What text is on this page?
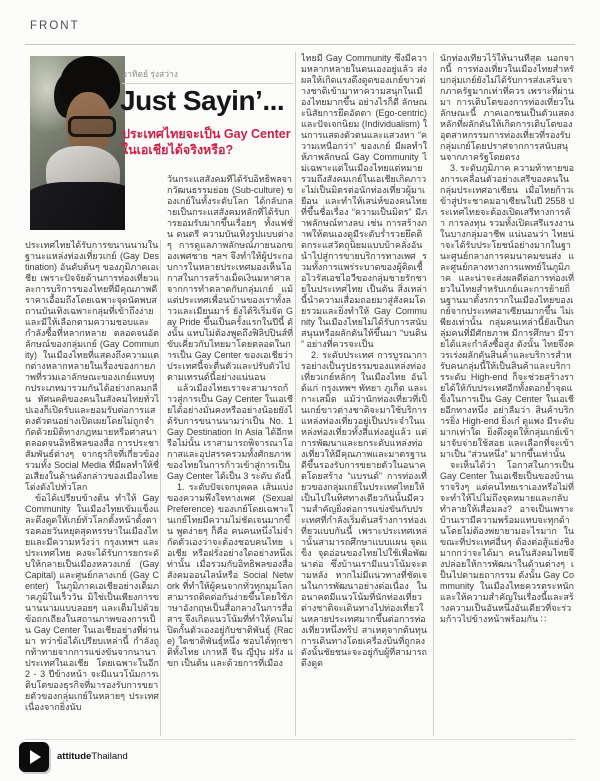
FRONT
อาทิตย์ รุ่งสว่าง
Just Sayin’...
ประเทศไทยจะเป็น Gay Center
ในเอเชียได้จริงหรือ?

ประเทศไทยได้รับการขนานนามในฐานะแหล่งท่องเที่ยวเกย์ (Gay Destination) อันดับต้นๆ ของภูมิภาคเอเชีย เพราะปัจจัยด้านการท่องเที่ยวและการบริการของไทยที่มีคุณภาพดี ราคาเอื้อมถึงโดยเฉพาะจุดนัดพบสถานบันเทิงเฉพาะกลุ่มที่เข้าถึงง่าย และมีให้เลือกตามความชอบและกำลังซื้อที่หลากหลาย ตลอดจนอัตลักษณ์ของกลุ่มเกย์ (Gay Community) ในเมืองไทยที่แสดงถึงความแตกต่างหลากหลายในเรื่องของกายภาพที่รวมเอาลักษณะของเกย์แทบทุกประเภทมารวมกันได้อย่างกลมกลืน ทัศนคติของคนในสังคมไทยทั่วไปเองก็เปิดรับและยอมรับต่อการแสดงตัวตนอย่างเปิดเผยโดยไม่ถูกจำกัดด้วยมิติทางกฎหมายหรือศาสนา ตลอดจนอิทธิพลของสื่อ การประชาสัมพันธ์ต่างๆ จากธุรกิจที่เกี่ยวข้องรวมทั้ง Social Media ที่มีผลทำให้ชื่อเสียงในด้านดังกล่าวของเมืองไทยโด่งดังไปทั่วโลก

ข้อได้เปรียบข้างต้น ทำให้ Gay Community ในเมืองไทยเข้มแข็งและดึงดูดให้เกย์ทั่วโลกตั้งหน้าตั้งตารอคอยวันหยุดสุดหรรษาในเมืองไทยและมีความหวังว่า กรุงเทพฯ และประเทศไทย คงจะได้รับการยกระดับให้กลายเป็นเมืองหลวงเกย์ (Gay Capital) และศูนย์กลางเกย์ (Gay Center) ในภูมิภาคเอเชียอย่างเต็มภาคภูมิในเร็ววัน มิใช่เป็นเพียงการขนานนามแบบลอยๆ และเต็มไปด้วยข้อถกเถียงในสถานภาพของการเป็น Gay Center ในเอเชียอย่างที่ผ่านมา ทว่าข้อได้เปรียบเหล่านี้ กำลังถูกท้าทายจากการแข่งขันจากนานาประเทศในเอเชีย โดยเฉพาะในอีก 2 - 3 ปีข้างหน้า จะมีแนวโน้มการเติบโตของธุรกิจที่มารองรับการขยายตัวของกลุ่มเกย์ในหลายๆ ประเทศ เนื่องจากยิ่งนับ

วันกระแสสังคมที่ได้รับอิทธิพลจากวัฒนธรรมย่อย (Sub-culture) ของเกย์ในทั้งระดับโลก ได้กลับกลายเป็นกระแสสังคมหลักที่ได้รับการยอมรับมากขึ้นเรื่อยๆ ทั้งแฟชั่น ดนตรี ความบันเทิงรูปแบบต่างๆ การดูแลภาพลักษณ์ภายนอกของเพศชาย ฯลฯ จึงทำให้ผู้ประกอบการในหลายประเทศมองเห็นโอกาสในการสร้างเม็ดเงินมหาศาลจากการทำตลาดกับกลุ่มเกย์ แม้แต่ประเทศเพื่อนบ้านของเราทั้งลาวและเมียนมาร์ ยังได้ริเริ่มจัด Gay Pride ขึ้นเป็นครั้งแรกในปีนี้ ดังนั้น แทบไม่ต้องพูดถึงฟิลิปปินส์ที่ขับเคี่ยวกับไทยมาโดยตลอดในการเป็น Gay Center ของเอเชียว่า ประเทศนี้จะตื่นตัวและปรับตัวไปตามเทรนด์นี้อย่างแน่นอน

แล้วเมืองไทยเราจะสามารถก้าวสู่การเป็น Gay Center ในเอเชียได้อย่างมั่นคงหรืออย่างน้อยยังได้รับการขนานนามว่าเป็น No. 1 Gay Destination In Asia ได้อีกหรือไม่นั้น เราสามารถพิจารณาโอกาสและอุปสรรครวมทั้งศักยภาพของไทยในการก้าวเข้าสู่การเป็น Gay Center ได้เป็น 3 ระดับ ดังนี้

1. ระดับปัจเจกบุคคล เส้นแบ่งของความพึงใจทางเพศ (Sexual Preference) ของเกย์โดยเฉพาะในเกย์ไทยมีความไม่ชัดเจนมากขึ้น พูดง่ายๆ ก็คือ คนคนหนึ่งไม่จำกัดตัวเองว่าจะต้องชอบคนไทย เอเชีย หรือฝรั่งอย่างใดอย่างหนึ่งเท่านั้น เมื่อรวมกับอิทธิพลของสื่อสังคมออนไลน์หรือ Social Network ที่ทำให้ผู้คนจากทั่วทุกมุมโลกสามารถติดต่อกันง่ายขึ้นโดยใช้ภาษาอังกฤษเป็นสื่อกลางในการสื่อสาร จึงเกิดแนวโน้มที่ทำให้คนไม่ปิดกั้นตัวเองอยู่กับชาติพันธุ์ (Race) ใดชาติพันธุ์หนึ่ง ชอบได้ทุกชาติทั้งไทย เกาหลี จีน ญี่ปุ่น ฝรั่ง แขก เป็นต้น และด้วยการที่เมือง

ไทยมี Gay Community ซึ่งมีความหลากหลายในตนเองอยู่แล้ว ส่งผลให้เกิดแรงดึงดูดของเกย์ขาวต่างชาติเข้ามาหาความสนุกในเมืองไทยมากขึ้น อย่างไรก็ดี ลักษณะนิสัยการยึดอัตตา (Ego-centric) และปัจเจกนิยม (Individualism) ในการแสดงตัวตนและแสวงหา “ความเหนือกว่า” ของเกย์ มีผลทำให้ภาพลักษณ์ Gay Community ไม่เฉพาะแต่ในเมืองไทยแต่หมายรวมถึงสังคมเกย์ในเอเชียเกิดภาวะไม่เป็นมิตรต่อนักท่องเที่ยวผู้มาเยือน และทำให้เสน่ห์ของคนไทยที่ขึ้นชื่อเรื่อง “ความเป็นมิตร” มีภาพลักษณ์ทางลบ เช่น การสร้างภาพให้ตนเองดูมีระดับร่ำรวยยึดติดกระแสวัตถุนิยมแบบบ้าคลั่งอันนำไปสู่การขายบริการทางเพศ รวมทั้งการแพร่ระบาดของผู้ติดเชื้อไวรัสเอชไอวีของกลุ่มชายรักชายในประเทศไทย เป็นต้น สิ่งเหล่านี้นำความเสื่อมถอยมาสู่สังคมโดยรวมและยิ่งทำให้ Gay Community ในเมืองไทยไม่ได้รับการสนับสนุนหรือผลักดันให้ขึ้นมา “บนดิน” อย่างที่ควรจะเป็น

2. ระดับประเทศ การบูรณาการอย่างเป็นรูปธรรมของแหล่งท่องเที่ยวเกย์หลักๆ ในเมืองไทย อันได้แก่ กรุงเทพฯ พัทยา ภูเก็ต และเกาะเสม็ด แม้ว่านักท่องเที่ยวที่เป็นเกย์ขาวต่างชาติจะมาใช้บริการแหล่งท่องเที่ยวอยู่เป็นประจำในแหล่งท่องเที่ยวทั้งสี่แห่งอยู่แล้ว แต่การพัฒนาและยกระดับแหล่งท่องเที่ยวให้มีคุณภาพและมาตรฐานดีขึ้นรองรับการขยายตัวในอนาคตโดยสร้าง “แบรนด์” การท่องเที่ยวของกลุ่มเกย์ในประเทศไทยให้เป็นไปในทิศทางเดียวกันนั้นมีความสำคัญยิ่งต่อการแข่งขันกับประเทศที่กำลังเริ่มต้นสร้างการท่องเที่ยวแบบกันนี้ เพราะประเทศเหล่านั้นสามารถศึกษาแบบแผน จุดแข็ง จุดอ่อนของไทยไปใช้เพื่อพัฒนาต่อ ซึ่งบ้านเรามีแนวโน้มจะตามหลัง หากไม่มีแนวทางที่ชัดเจนในการพัฒนาอย่างต่อเนื่อง ในอนาคตมีแนวโน้มที่นักท่องเที่ยวต่างชาติจะเดินทางไปท่องเที่ยวในหลายประเทศมากขึ้นต่อการท่องเที่ยวหนึ่งทริป สาเหตุจากต้นทุนการเดินทางโดยเครื่องบินที่ถูกลง ดังนั้นชัยชนะจะอยู่กับผู้ที่สามารถดึงดูด

นักท่องเที่ยวไว้ให้นานที่สุด นอกจากนี้ การท่องเที่ยวในเมืองไทยสำหรับกลุ่มเกย์ยังไม่ได้รับการส่งเสริมจากภาครัฐมากเท่าที่ควร เพราะที่ผ่านมา การเติบโตของการท่องเที่ยวในลักษณะนี้ ภาคเอกชนเป็นตัวแสดงหลักที่ผลักดันให้เกิดการเติบโตของอุตสาหกรรมการท่องเที่ยวที่รองรับกลุ่มเกย์โดยปราศจากการสนับสนุนจากภาครัฐโดยตรง

3. ระดับภูมิภาค ความท้าทายของการเคลื่อนตัวอย่างเสรีของคนในกลุ่มประเทศอาเซียน เมื่อไทยก้าวเข้าสู่ประชาคมอาเซียนในปี 2558 ประเทศไทยจะต้องเปิดเสรีทางการค้า การลงทุน รวมทั้งเปิดเสรีแรงงานในบางกลุ่มอาชีพ แน่นอนว่า ไทยน่าจะได้รับประโยชน์อย่างมากในฐานะศูนย์กลางการคมนาคมขนส่ง และศูนย์กลางทางการแพทย์ในภูมิภาค และน่าจะส่งผลดีต่อการท่องเที่ยวในไทยสำหรับเกย์และการย้ายถิ่นฐานมาตั้งรกรากในเมืองไทยของเกย์จากประเทศอาเซียนมากขึ้น ไม่เพียงเท่านั้น กลุ่มคนเหล่านี้ยังเป็นกลุ่มคนที่มีศักยภาพ มีการศึกษา มีรายได้และกำลังซื้อสูง ดังนั้น ไทยจึงควรเร่งผลักดันสินค้าและบริการสำหรับคนกลุ่มนี้ให้เป็นสินค้าและบริการระดับ High-end ก็จะช่วยสร้างรายได้ให้กับประเทศอีกทั้งตอกย้ำจุดแข็งในการเป็น Gay Center ในเอเชียอีกทางหนึ่ง อย่าลืมว่า สินค้าบริการยิ่ง High-end ยิ่งเก๋ ดูแพง มีระดับมากเท่าใด ยิ่งดึงดูดให้กลุ่มเกย์เข้ามาจับจ่ายใช้สอย และเลือกที่จะเข้ามาเป็น “ส่วนหนึ่ง” มากขึ้นเท่านั้น

จะเห็นได้ว่า โอกาสในการเป็น Gay Center ในเอเชียเป็นของบ้านเราจริงๆ แต่คนไทยเราเองหรือไม่ที่จะทำให้ไปไม่ถึงจุดหมายและกลับทำลายให้เสื่อมลง? อาจเป็นเพราะบ้านเรามีความพร้อมแทบจะทุกด้านโดยไม่ต้องพยายามอะไรมาก ในขณะที่ประเทศอื่นๆ ต้องต่อสู้แย่งชิงมากกว่าจะได้มา คนในสังคมไทยจึงปล่อยให้การพัฒนาในด้านต่างๆ เป็นไปตามยถากรรม ดังนั้น Gay Community ในเมืองไทยควรตระหนักและให้ความสำคัญในเรื่องนี้และสร้างความเป็นอันหนึ่งอันเดียวที่จะร่วมก้าวไปข้างหน้าพร้อมกัน ∷

attitudeThailand
